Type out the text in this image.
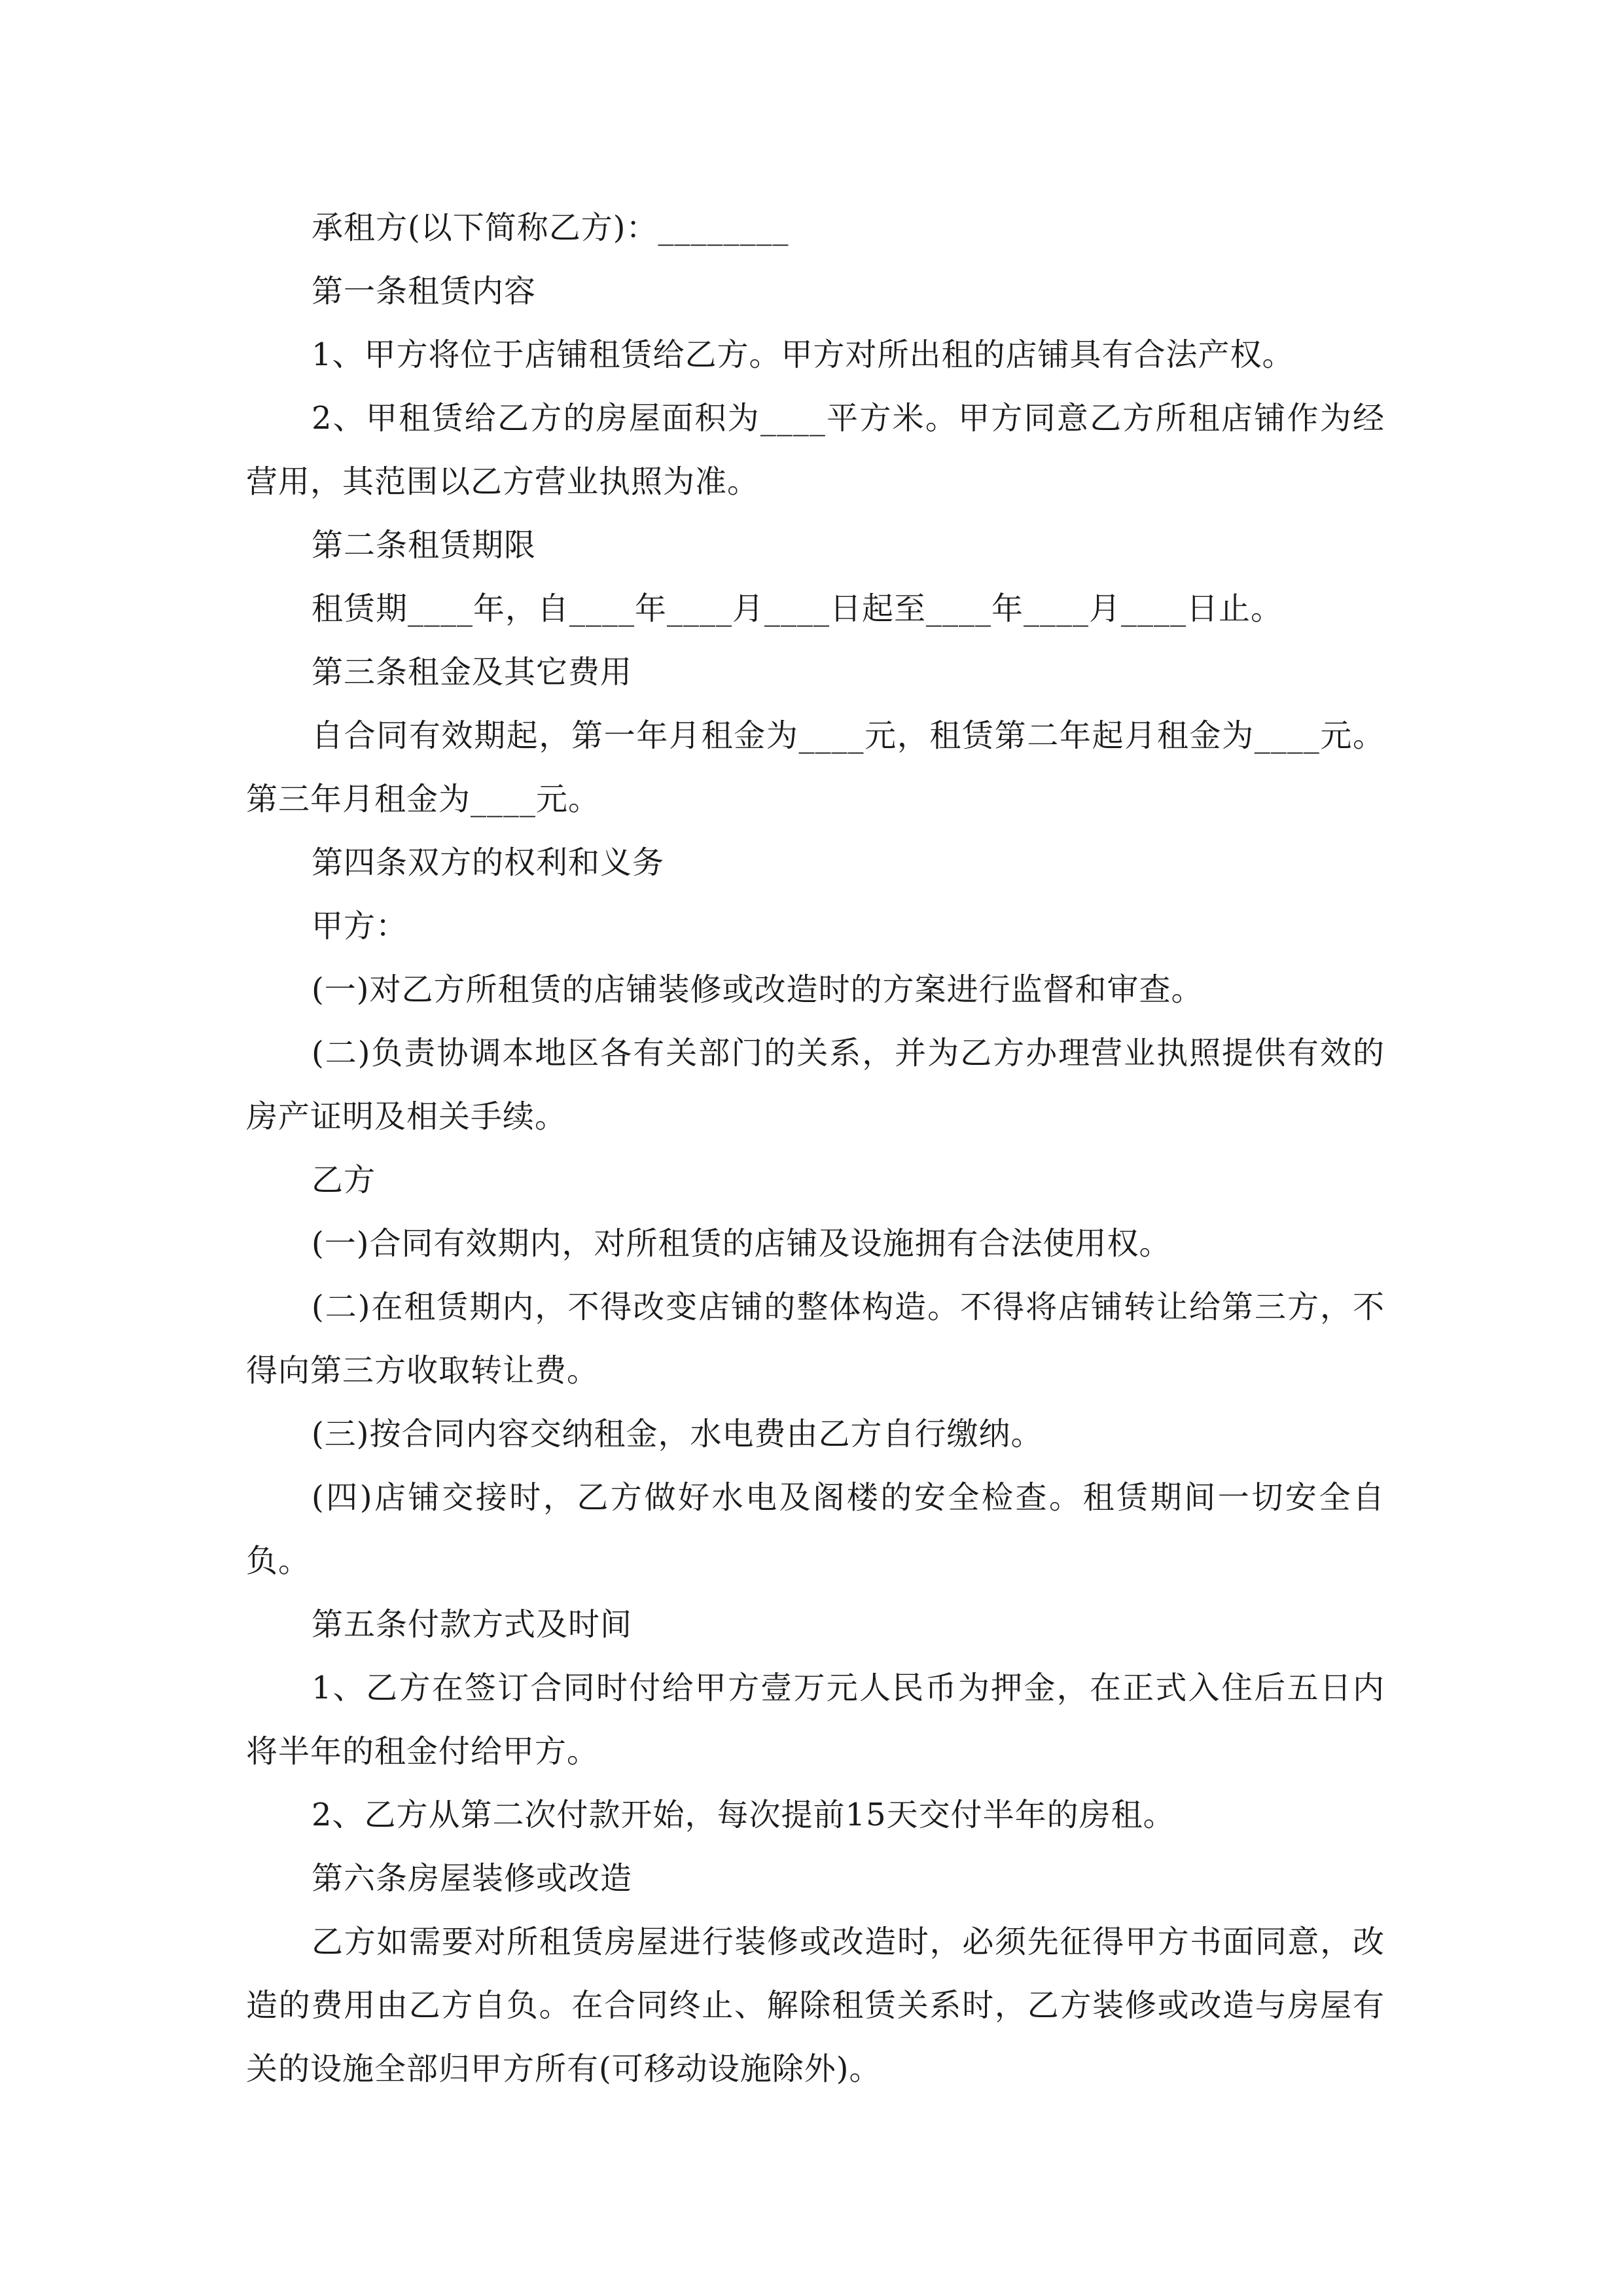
承租方(以下简称乙方)：________

第一条租赁内容

1、甲方将位于店铺租赁给乙方。甲方对所出租的店铺具有合法产权。

2、甲租赁给乙方的房屋面积为____平方米。甲方同意乙方所租店铺作为经营用，其范围以乙方营业执照为准。

第二条租赁期限

租赁期____年，自____年____月____日起至____年____月____日止。

第三条租金及其它费用

自合同有效期起，第一年月租金为____元，租赁第二年起月租金为____元。第三年月租金为____元。

第四条双方的权利和义务

甲方：

(一)对乙方所租赁的店铺装修或改造时的方案进行监督和审查。

(二)负责协调本地区各有关部门的关系，并为乙方办理营业执照提供有效的房产证明及相关手续。

乙方

(一)合同有效期内，对所租赁的店铺及设施拥有合法使用权。

(二)在租赁期内，不得改变店铺的整体构造。不得将店铺转让给第三方，不得向第三方收取转让费。

(三)按合同内容交纳租金，水电费由乙方自行缴纳。

(四)店铺交接时，乙方做好水电及阁楼的安全检查。租赁期间一切安全自负。

第五条付款方式及时间

1、乙方在签订合同时付给甲方壹万元人民币为押金，在正式入住后五日内将半年的租金付给甲方。

2、乙方从第二次付款开始，每次提前15天交付半年的房租。

第六条房屋装修或改造

乙方如需要对所租赁房屋进行装修或改造时，必须先征得甲方书面同意，改造的费用由乙方自负。在合同终止、解除租赁关系时，乙方装修或改造与房屋有关的设施全部归甲方所有(可移动设施除外)。
